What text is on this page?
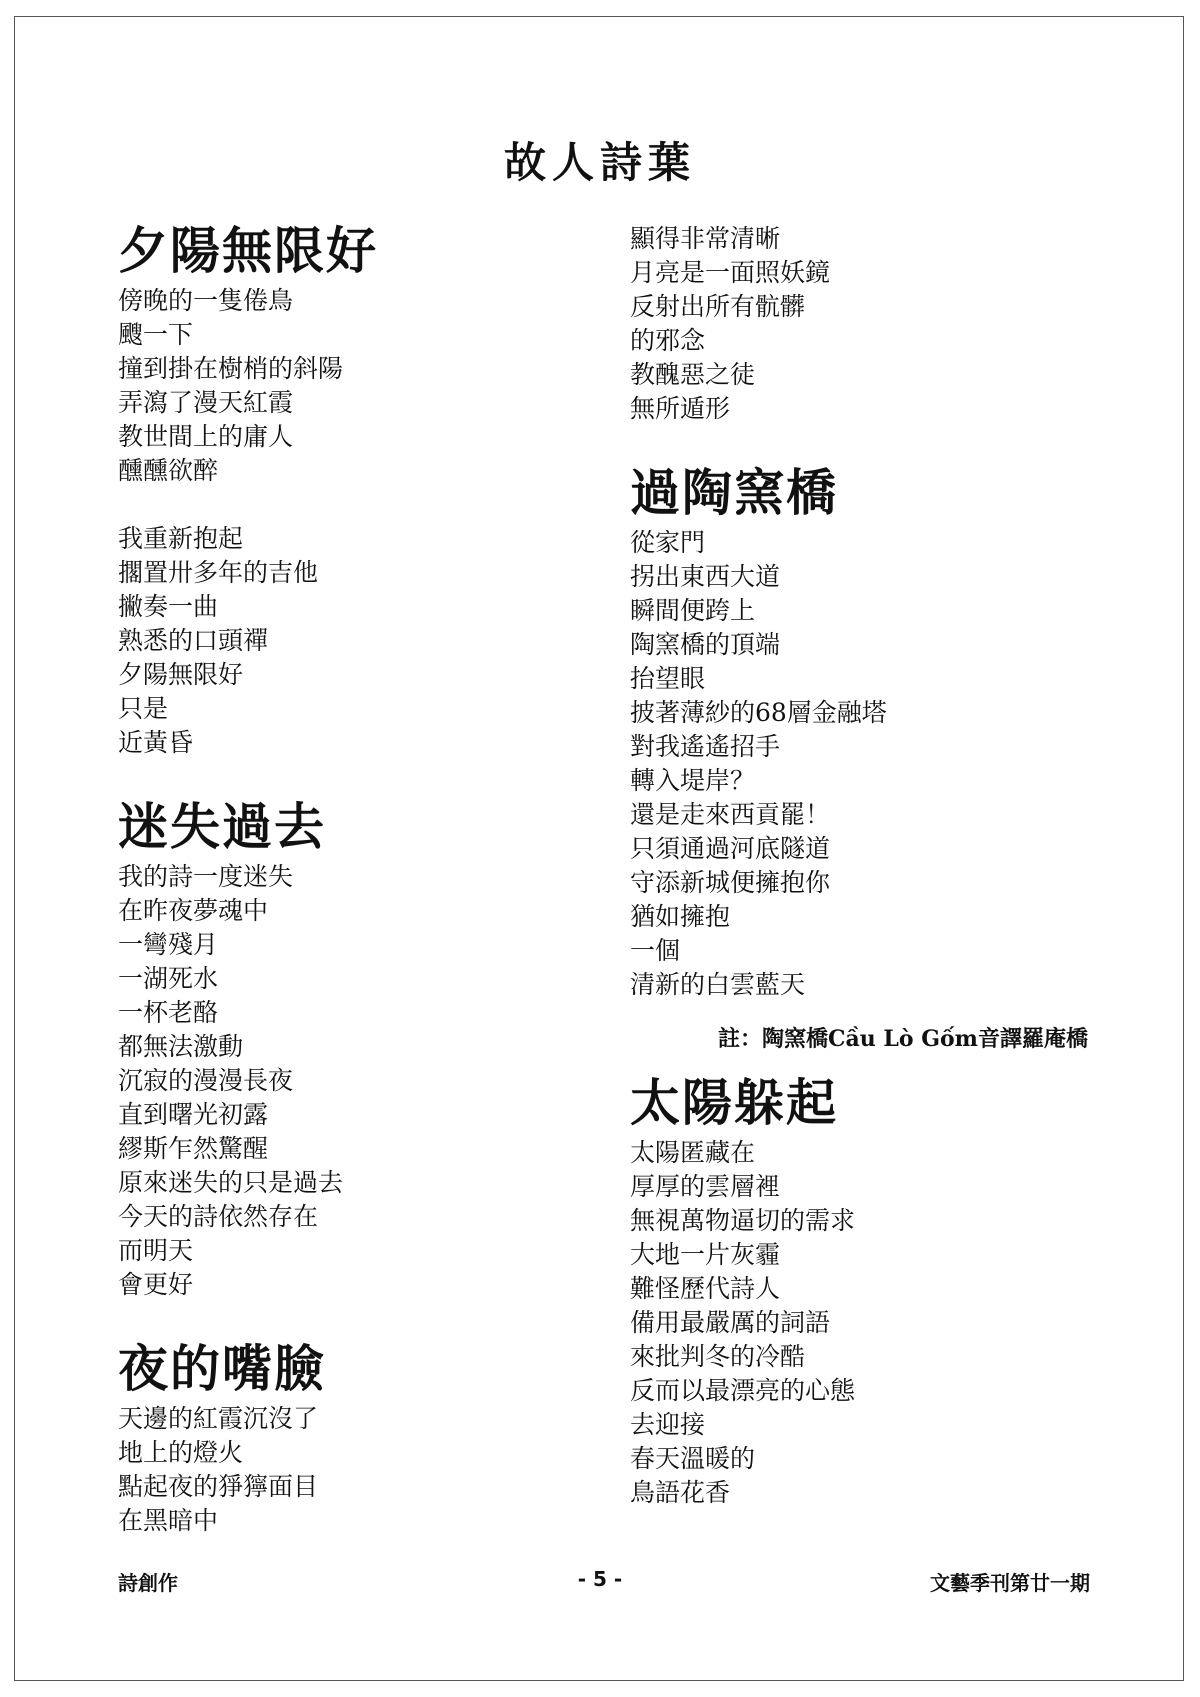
故人詩葉
夕陽無限好
傍晚的一隻倦鳥
颼一下
撞到掛在樹梢的斜陽
弄瀉了漫天紅霞
教世間上的庸人
醺醺欲醉
我重新抱起
擱置卅多年的吉他
撇奏一曲
熟悉的口頭禪
夕陽無限好
只是
近黃昏
迷失過去
我的詩一度迷失
在昨夜夢魂中
一彎殘月
一湖死水
一杯老酪
都無法激動
沉寂的漫漫長夜
直到曙光初露
繆斯乍然驚醒
原來迷失的只是過去
今天的詩依然存在
而明天
會更好
夜的嘴臉
天邊的紅霞沉沒了
地上的燈火
點起夜的猙獰面目
在黑暗中
顯得非常清晰
月亮是一面照妖鏡
反射出所有骯髒
的邪念
教醜惡之徒
無所遁形
過陶窯橋
從家門
拐出東西大道
瞬間便跨上
陶窯橋的頂端
抬望眼
披著薄紗的68層金融塔
對我遙遙招手
轉入堤岸？
還是走來西貢罷！
只須通過河底隧道
守添新城便擁抱你
猶如擁抱
一個
清新的白雲藍天
太陽躲起
太陽匿藏在
厚厚的雲層裡
無視萬物逼切的需求
大地一片灰霾
難怪歷代詩人
備用最嚴厲的詞語
來批判冬的冷酷
反而以最漂亮的心態
去迎接
春天溫暖的
鳥語花香
註：陶窯橋Cầu Lò Gốm音譯羅庵橋
詩創作	- 5 -	文藝季刊第廿一期
